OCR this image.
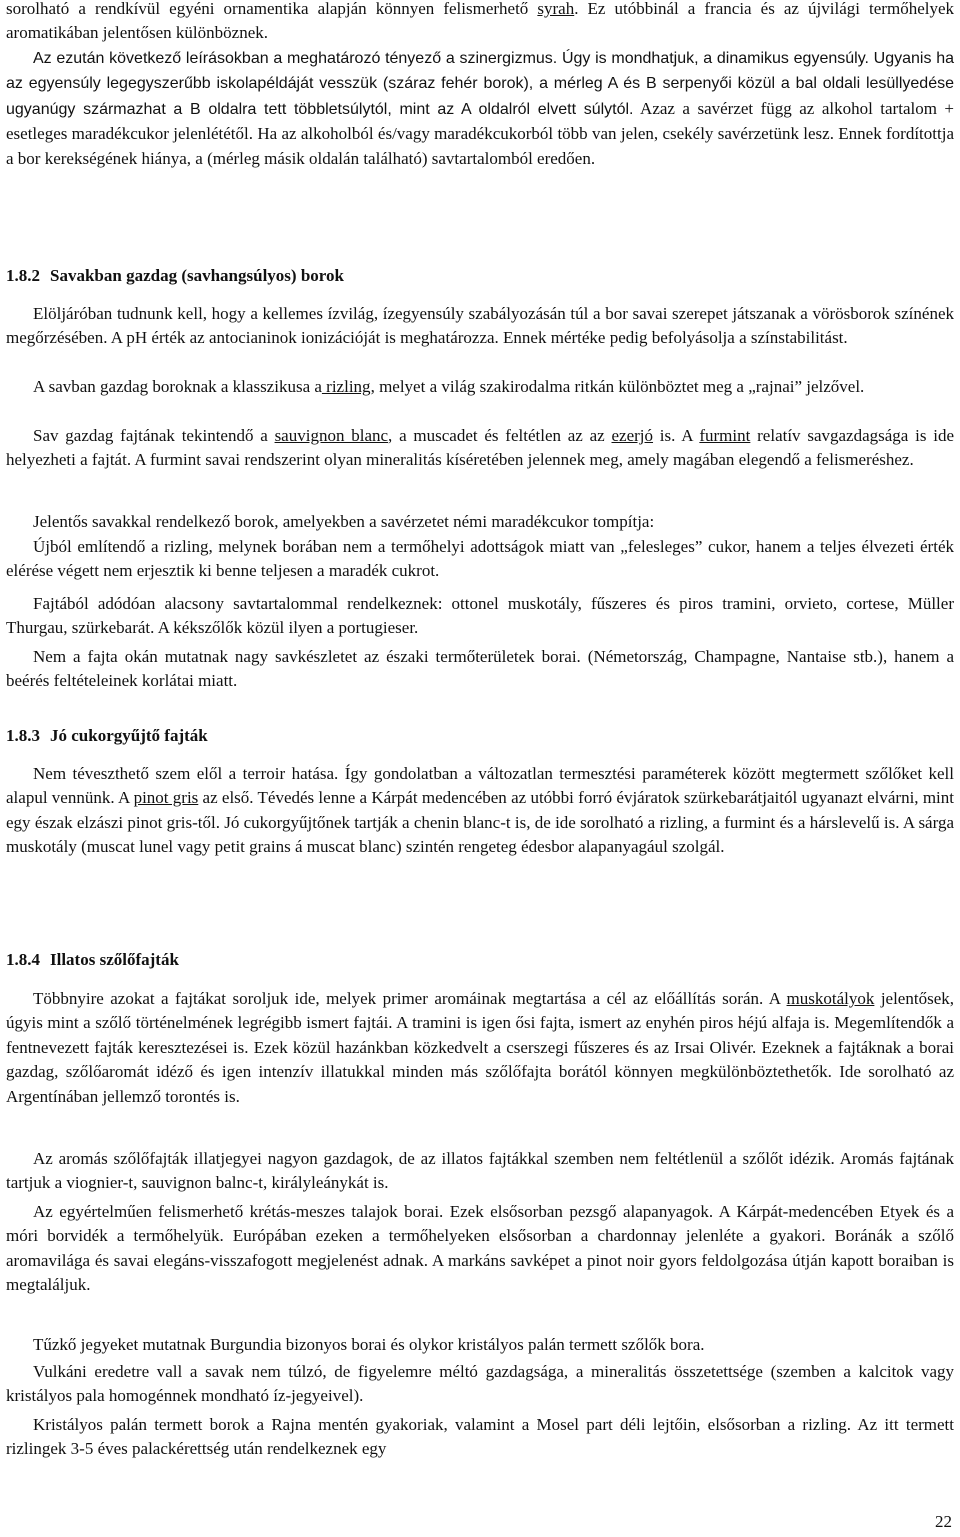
sorolható a rendkívül egyéni ornamentika alapján könnyen felismerhető syrah. Ez utóbbinál a francia és az újvilági termőhelyek aromatikában jelentősen különböznek.

Az ezután következő leírásokban a meghatározó tényező a szinergizmus. Úgy is mondhatjuk, a dinamikus egyensúly. Ugyanis ha az egyensúly legegyszerűbb iskolapéldáját vesszük (száraz fehér borok), a mérleg A és B serpenyői közül a bal oldali lesüllyedése ugyanúgy származhat a B oldalra tett többletsúlytól, mint az A oldalról elvett súlytól. Azaz a savérzet függ az alkohol tartalom + esetleges maradékcukor jelenlététől. Ha az alkoholból és/vagy maradékcukorból több van jelen, csekély savérzetünk lesz. Ennek fordítottja a bor kerekségének hiánya, a (mérleg másik oldalán található) savtartalomból eredően.

1.8.2 Savakban gazdag (savhangsúlyos) borok

Elöljáróban tudnunk kell, hogy a kellemes ízvilág, ízegyensúly szabályozásán túl a bor savai szerepet játszanak a vörösborok színének megőrzésében. A pH érték az antocianinok ionizációját is meghatározza. Ennek mértéke pedig befolyásolja a színstabilitást.

A savban gazdag boroknak a klasszikusa a rizling, melyet a világ szakirodalma ritkán különböztet meg a „rajnai” jelzővel.

Sav gazdag fajtának tekintendő a sauvignon blanc, a muscadet és feltétlen az az ezerjó is. A furmint relatív savgazdagsága is ide helyezheti a fajtát. A furmint savai rendszerint olyan mineralitás kíséretében jelennek meg, amely magában elegendő a felismeréshez.

Jelentős savakkal rendelkező borok, amelyekben a savérzetet némi maradékcukor tompítja:

Újból említendő a rizling, melynek borában nem a termőhelyi adottságok miatt van „felesleges” cukor, hanem a teljes élvezeti érték elérése végett nem erjesztik ki benne teljesen a maradék cukrot.

Fajtából adódóan alacsony savtartalommal rendelkeznek: ottonel muskotály, fűszeres és piros tramini, orvieto, cortese, Müller Thurgau, szürkebarát. A kékszőlők közül ilyen a portugieser.

Nem a fajta okán mutatnak nagy savkészletet az északi termőterületek borai. (Németország, Champagne, Nantaise stb.), hanem a beérés feltételeinek korlátai miatt.

1.8.3 Jó cukorgyűjtő fajták

Nem téveszthető szem elől a terroir hatása. Így gondolatban a változatlan termesztési paraméterek között megtermett szőlőket kell alapul vennünk. A pinot gris az első. Tévedés lenne a Kárpát medencében az utóbbi forró évjáratok szürkebarátjaitól ugyanazt elvárni, mint egy észak elzászi pinot gris-től. Jó cukorgyűjtőnek tartják a chenin blanc-t is, de ide sorolható a rizling, a furmint és a hárslevelű is. A sárga muskotály (muscat lunel vagy petit grains á muscat blanc) szintén rengeteg édesbor alapanyagául szolgál.

1.8.4 Illatos szőlőfajták

Többnyire azokat a fajtákat soroljuk ide, melyek primer aromáinak megtartása a cél az előállítás során. A muskotályok jelentősek, úgyis mint a szőlő történelmének legrégibb ismert fajtái. A tramini is igen ősi fajta, ismert az enyhén piros héjú alfaja is. Megemlítendők a fentnevezett fajták keresztezései is. Ezek közül hazánkban közkedvelt a cserszegi fűszeres és az Irsai Olivér. Ezeknek a fajtáknak a borai gazdag, szőlőaromát idéző és igen intenzív illatukkal minden más szőlőfajta borától könnyen megkülönböztethetők. Ide sorolható az Argentínában jellemző torontés is.

Az aromás szőlőfajták illatjegyei nagyon gazdagok, de az illatos fajtákkal szemben nem feltétlenül a szőlőt idézik. Aromás fajtának tartjuk a viognier-t, sauvignon balnc-t, királyleánykát is.

Az egyértelműen felismerhető krétás-meszes talajok borai. Ezek elsősorban pezsgő alapanyagok. A Kárpát-medencében Etyek és a móri borvidék a termőhelyük. Európában ezeken a termőhelyeken elsősorban a chardonnay jelenléte a gyakori. Boránák a szőlő aromavilága és savai elegáns-visszafogott megjelenést adnak. A markáns savképet a pinot noir gyors feldolgozása útján kapott boraiban is megtaláljuk.

Tűzkő jegyeket mutatnak Burgundia bizonyos borai és olykor kristályos palán termett szőlők bora.

Vulkáni eredetre vall a savak nem túlzó, de figyelemre méltó gazdagsága, a mineralitás összetettsége (szemben a kalcitok vagy kristályos pala homogénnek mondható íz-jegyeivel).

Kristályos palán termett borok a Rajna mentén gyakoriak, valamint a Mosel part déli lejtőin, elsősorban a rizling. Az itt termett rizlingek 3-5 éves palackérettség után rendelkeznek egy

22
